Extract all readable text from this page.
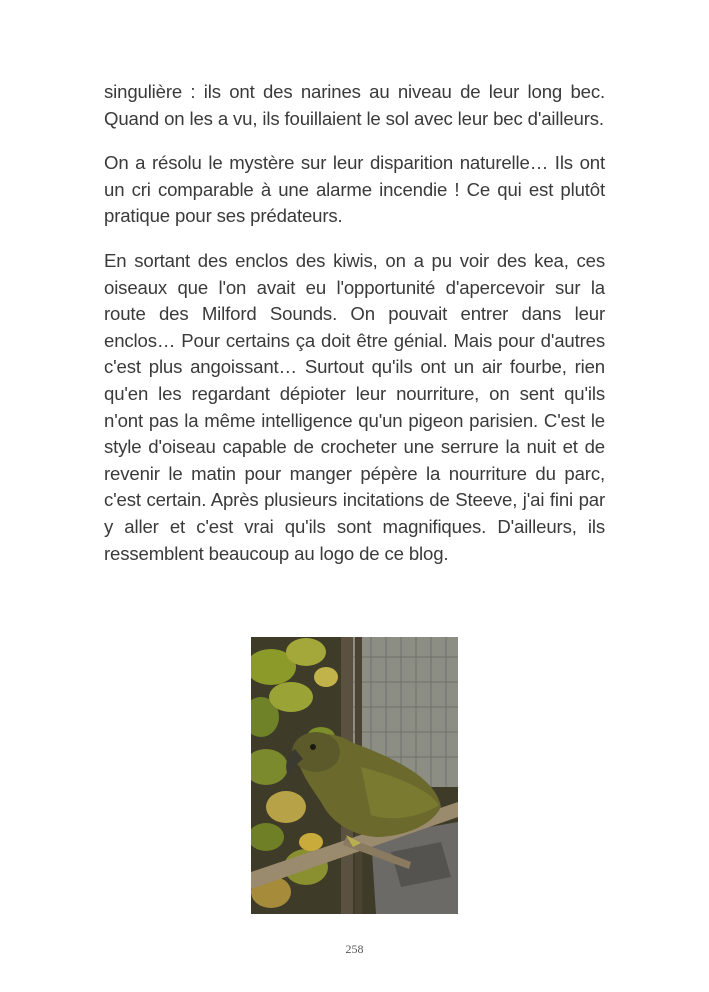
singulière : ils ont des narines au niveau de leur long bec. Quand on les a vu, ils fouillaient le sol avec leur bec d'ailleurs.

On a résolu le mystère sur leur disparition naturelle… Ils ont un cri comparable à une alarme incendie ! Ce qui est plutôt pratique pour ses prédateurs.

En sortant des enclos des kiwis, on a pu voir des kea, ces oiseaux que l'on avait eu l'opportunité d'apercevoir sur la route des Milford Sounds. On pouvait entrer dans leur enclos… Pour certains ça doit être génial. Mais pour d'autres c'est plus angoissant… Surtout qu'ils ont un air fourbe, rien qu'en les regardant dépioter leur nourriture, on sent qu'ils n'ont pas la même intelligence qu'un pigeon parisien. C'est le style d'oiseau capable de crocheter une serrure la nuit et de revenir le matin pour manger pépère la nourriture du parc, c'est certain. Après plusieurs incitations de Steeve, j'ai fini par y aller et c'est vrai qu'ils sont magnifiques. D'ailleurs, ils ressemblent beaucoup au logo de ce blog.

258
